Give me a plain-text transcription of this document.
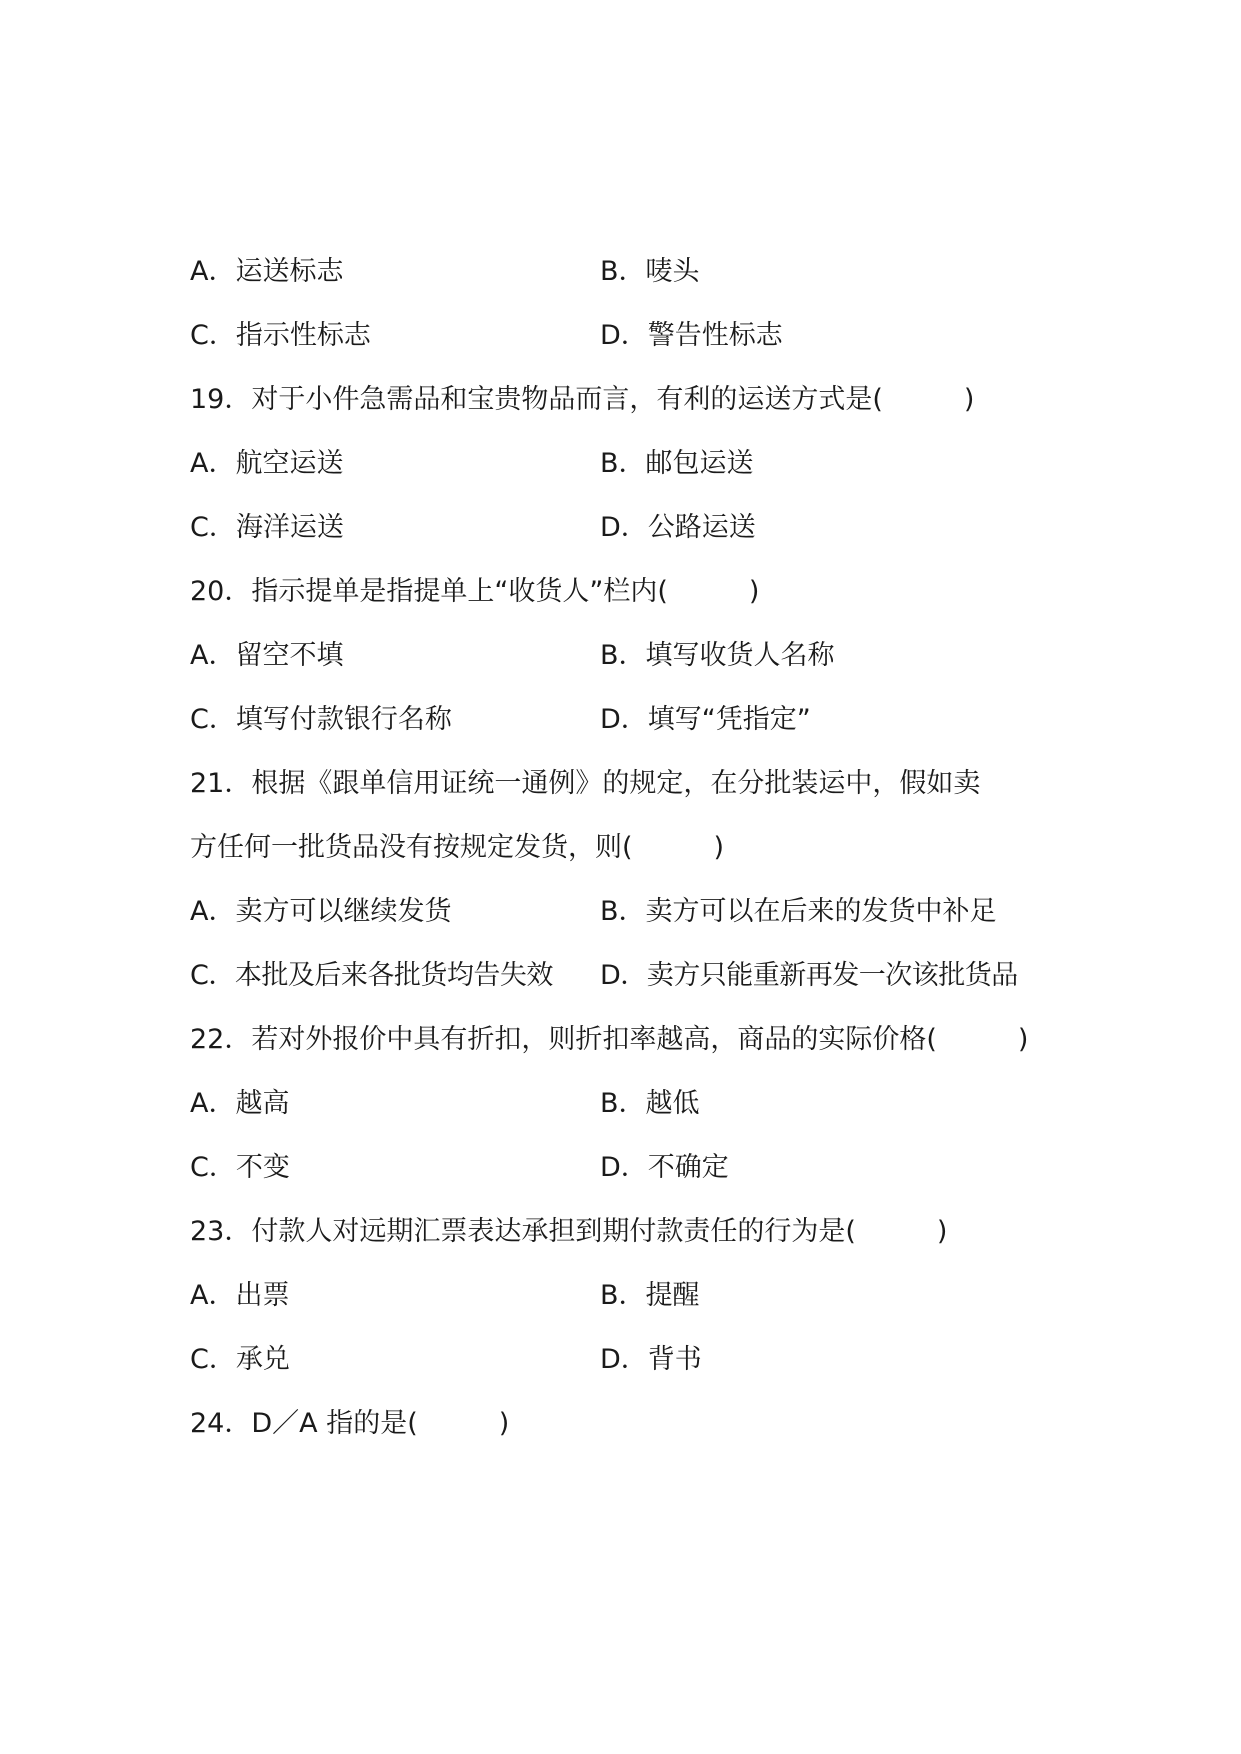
A．运送标志	B．唛头
C．指示性标志	D．警告性标志
19．对于小件急需品和宝贵物品而言，有利的运送方式是(　　　)
A．航空运送	B．邮包运送
C．海洋运送	D．公路运送
20．指示提单是指提单上“收货人”栏内(　　　)
A．留空不填	B．填写收货人名称
C．填写付款银行名称	D．填写“凭指定”
21．根据《跟单信用证统一通例》的规定，在分批装运中，假如卖
方任何一批货品没有按规定发货，则(　　　)
A．卖方可以继续发货	B．卖方可以在后来的发货中补足
C．本批及后来各批货均告失效 D．卖方只能重新再发一次该批货品
22．若对外报价中具有折扣，则折扣率越高，商品的实际价格(　　　)
A．越高	B．越低
C．不变	D．不确定
23．付款人对远期汇票表达承担到期付款责任的行为是(　　　)
A．出票	B．提醒
C．承兑	D．背书
24．D／A 指的是(　　　)
